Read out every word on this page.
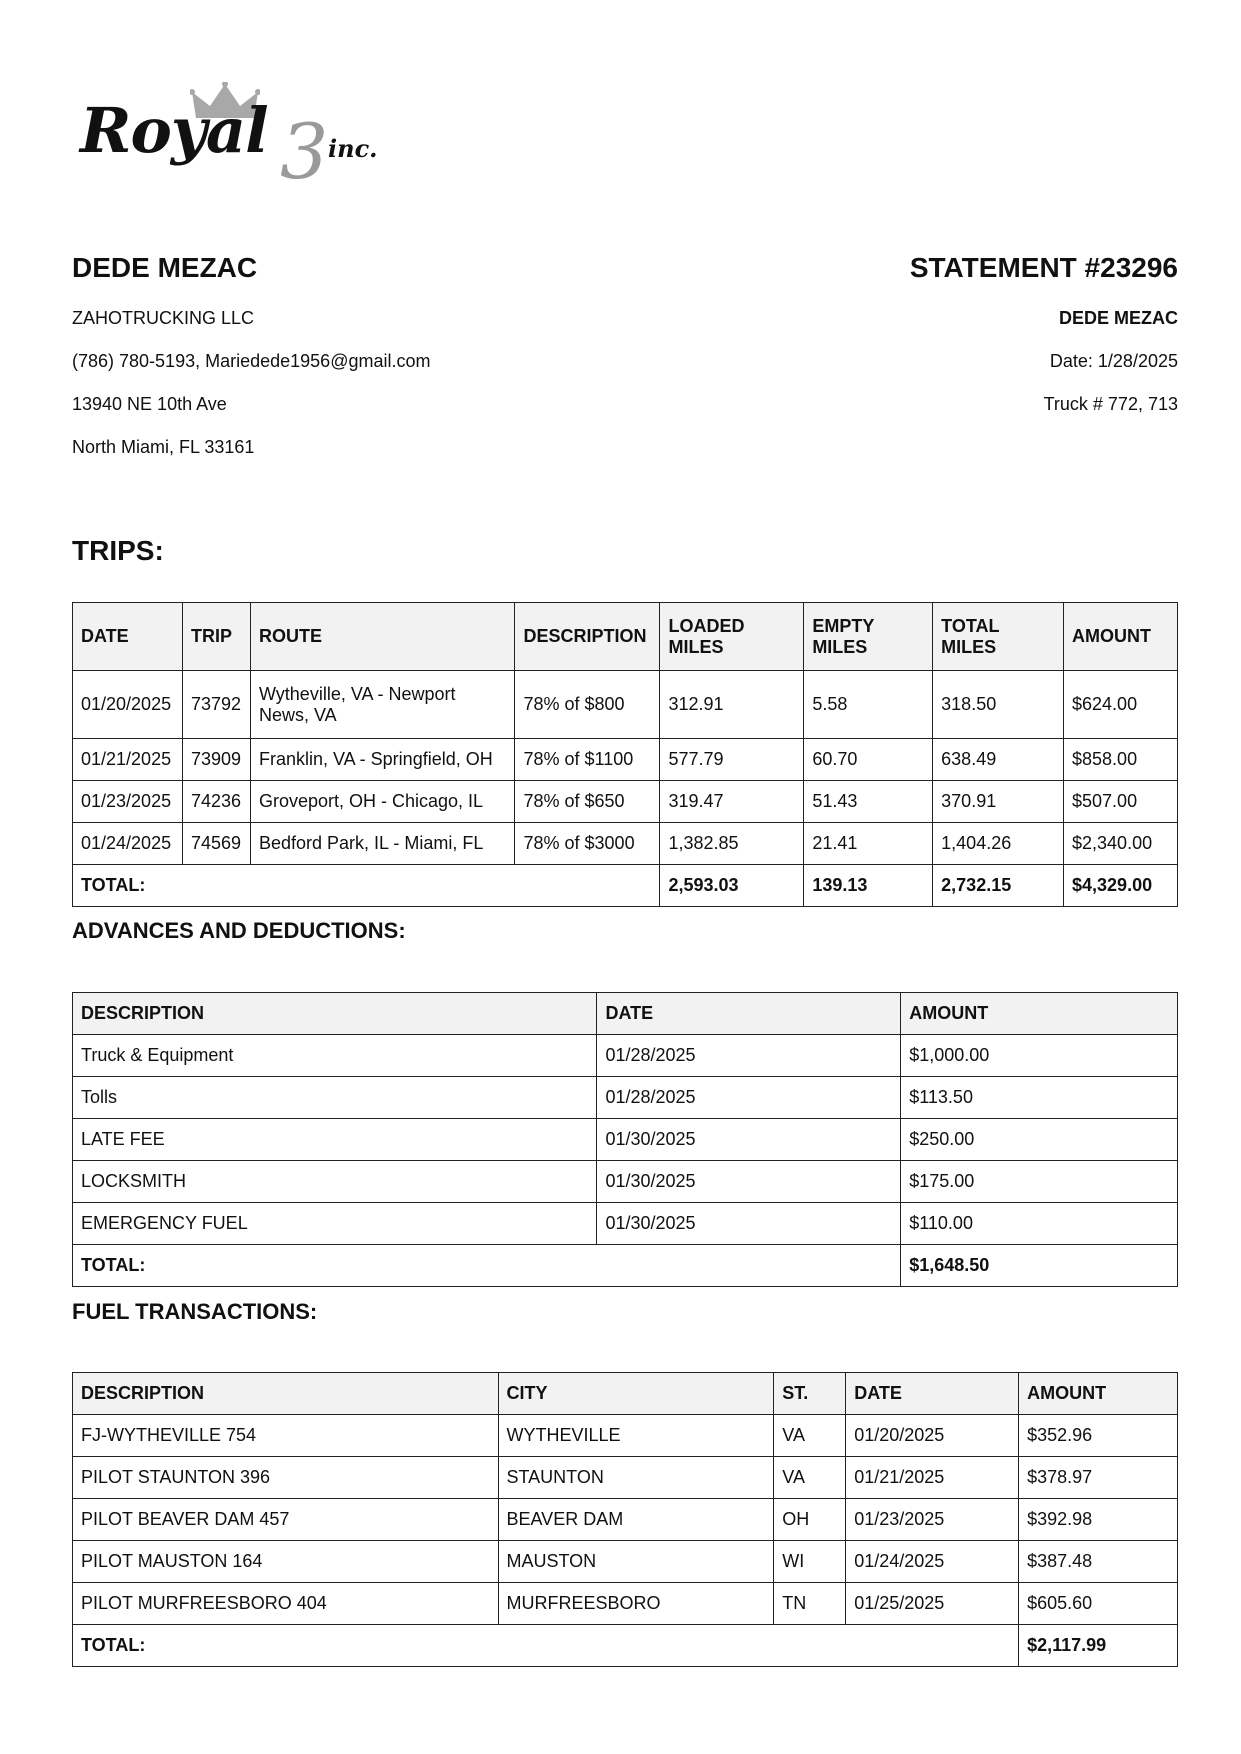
Royal 3 inc.
DEDE MEZAC	STATEMENT #23296
ZAHOTRUCKING LLC
(786) 780-5193, Mariedede1956@gmail.com
13940 NE 10th Ave
North Miami, FL 33161
DEDE MEZAC
Date: 1/28/2025
Truck # 772, 713
TRIPS:
DATE	TRIP	ROUTE	DESCRIPTION	LOADED MILES	EMPTY MILES	TOTAL MILES	AMOUNT
01/20/2025	73792	Wytheville, VA - Newport News, VA	78% of $800	312.91	5.58	318.50	$624.00
01/21/2025	73909	Franklin, VA - Springfield, OH	78% of $1100	577.79	60.70	638.49	$858.00
01/23/2025	74236	Groveport, OH - Chicago, IL	78% of $650	319.47	51.43	370.91	$507.00
01/24/2025	74569	Bedford Park, IL - Miami, FL	78% of $3000	1,382.85	21.41	1,404.26	$2,340.00
TOTAL:				2,593.03	139.13	2,732.15	$4,329.00
ADVANCES AND DEDUCTIONS:
DESCRIPTION	DATE	AMOUNT
Truck & Equipment	01/28/2025	$1,000.00
Tolls	01/28/2025	$113.50
LATE FEE	01/30/2025	$250.00
LOCKSMITH	01/30/2025	$175.00
EMERGENCY FUEL	01/30/2025	$110.00
TOTAL:		$1,648.50
FUEL TRANSACTIONS:
DESCRIPTION	CITY	ST.	DATE	AMOUNT
FJ-WYTHEVILLE 754	WYTHEVILLE	VA	01/20/2025	$352.96
PILOT STAUNTON 396	STAUNTON	VA	01/21/2025	$378.97
PILOT BEAVER DAM 457	BEAVER DAM	OH	01/23/2025	$392.98
PILOT MAUSTON 164	MAUSTON	WI	01/24/2025	$387.48
PILOT MURFREESBORO 404	MURFREESBORO	TN	01/25/2025	$605.60
TOTAL:				$2,117.99
